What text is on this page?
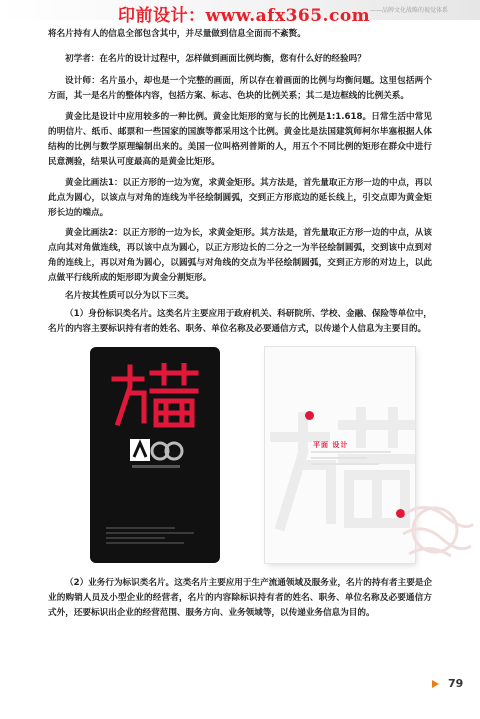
印前设计：www.afx365.com ——品牌文化战略的视觉体系

将名片持有人的信息全部包含其中，并尽量做到信息全面而不紊赘。

初学者：在名片的设计过程中，怎样做到画面比例均衡，您有什么好的经验吗？

设计师：名片虽小，却也是一个完整的画面，所以存在着画面的比例与均衡问题。这里包括两个方面，其一是名片的整体内容，包括方案、标志、色块的比例关系；其二是边框线的比例关系。

黄金比是设计中应用较多的一种比例。黄金比矩形的宽与长的比例是1:1.618。日常生活中常见的明信片、纸币、邮票和一些国家的国旗等都采用这个比例。黄金比是法国建筑师柯尔毕塞根据人体结构的比例与数学原理编制出来的。美国一位叫格列普斯的人，用五个不同比例的矩形在群众中进行民意测验，结果认可度最高的是黄金比矩形。

黄金比画法1：以正方形的一边为宽，求黄金矩形。其方法是，首先量取正方形一边的中点，再以此点为圆心，以该点与对角的连线为半径绘制圆弧，交到正方形底边的延长线上，引交点即为黄金矩形长边的端点。

黄金比画法2：以正方形的一边为长，求黄金矩形。其方法是，首先量取正方形一边的中点，从该点向其对角做连线，再以该中点为圆心，以正方形边长的二分之一为半径绘制圆弧，交到该中点到对角的连线上，再以对角为圆心，以圆弧与对角线的交点为半径绘制圆弧，交到正方形的对边上，以此点做平行线所成的矩形即为黄金分割矩形。

名片按其性质可以分为以下三类。

（1）身份标识类名片。这类名片主要应用于政府机关、科研院所、学校、金融、保险等单位中，名片的内容主要标识持有者的姓名、职务、单位名称及必要通信方式，以传递个人信息为主要目的。

平面 设计

（2）业务行为标识类名片。这类名片主要应用于生产流通领域及服务业，名片的持有者主要是企业的购销人员及小型企业的经营者，名片的内容除标识持有者的姓名、职务、单位名称及必要通信方式外，还要标识出企业的经营范围、服务方向、业务领域等，以传递业务信息为目的。

79
